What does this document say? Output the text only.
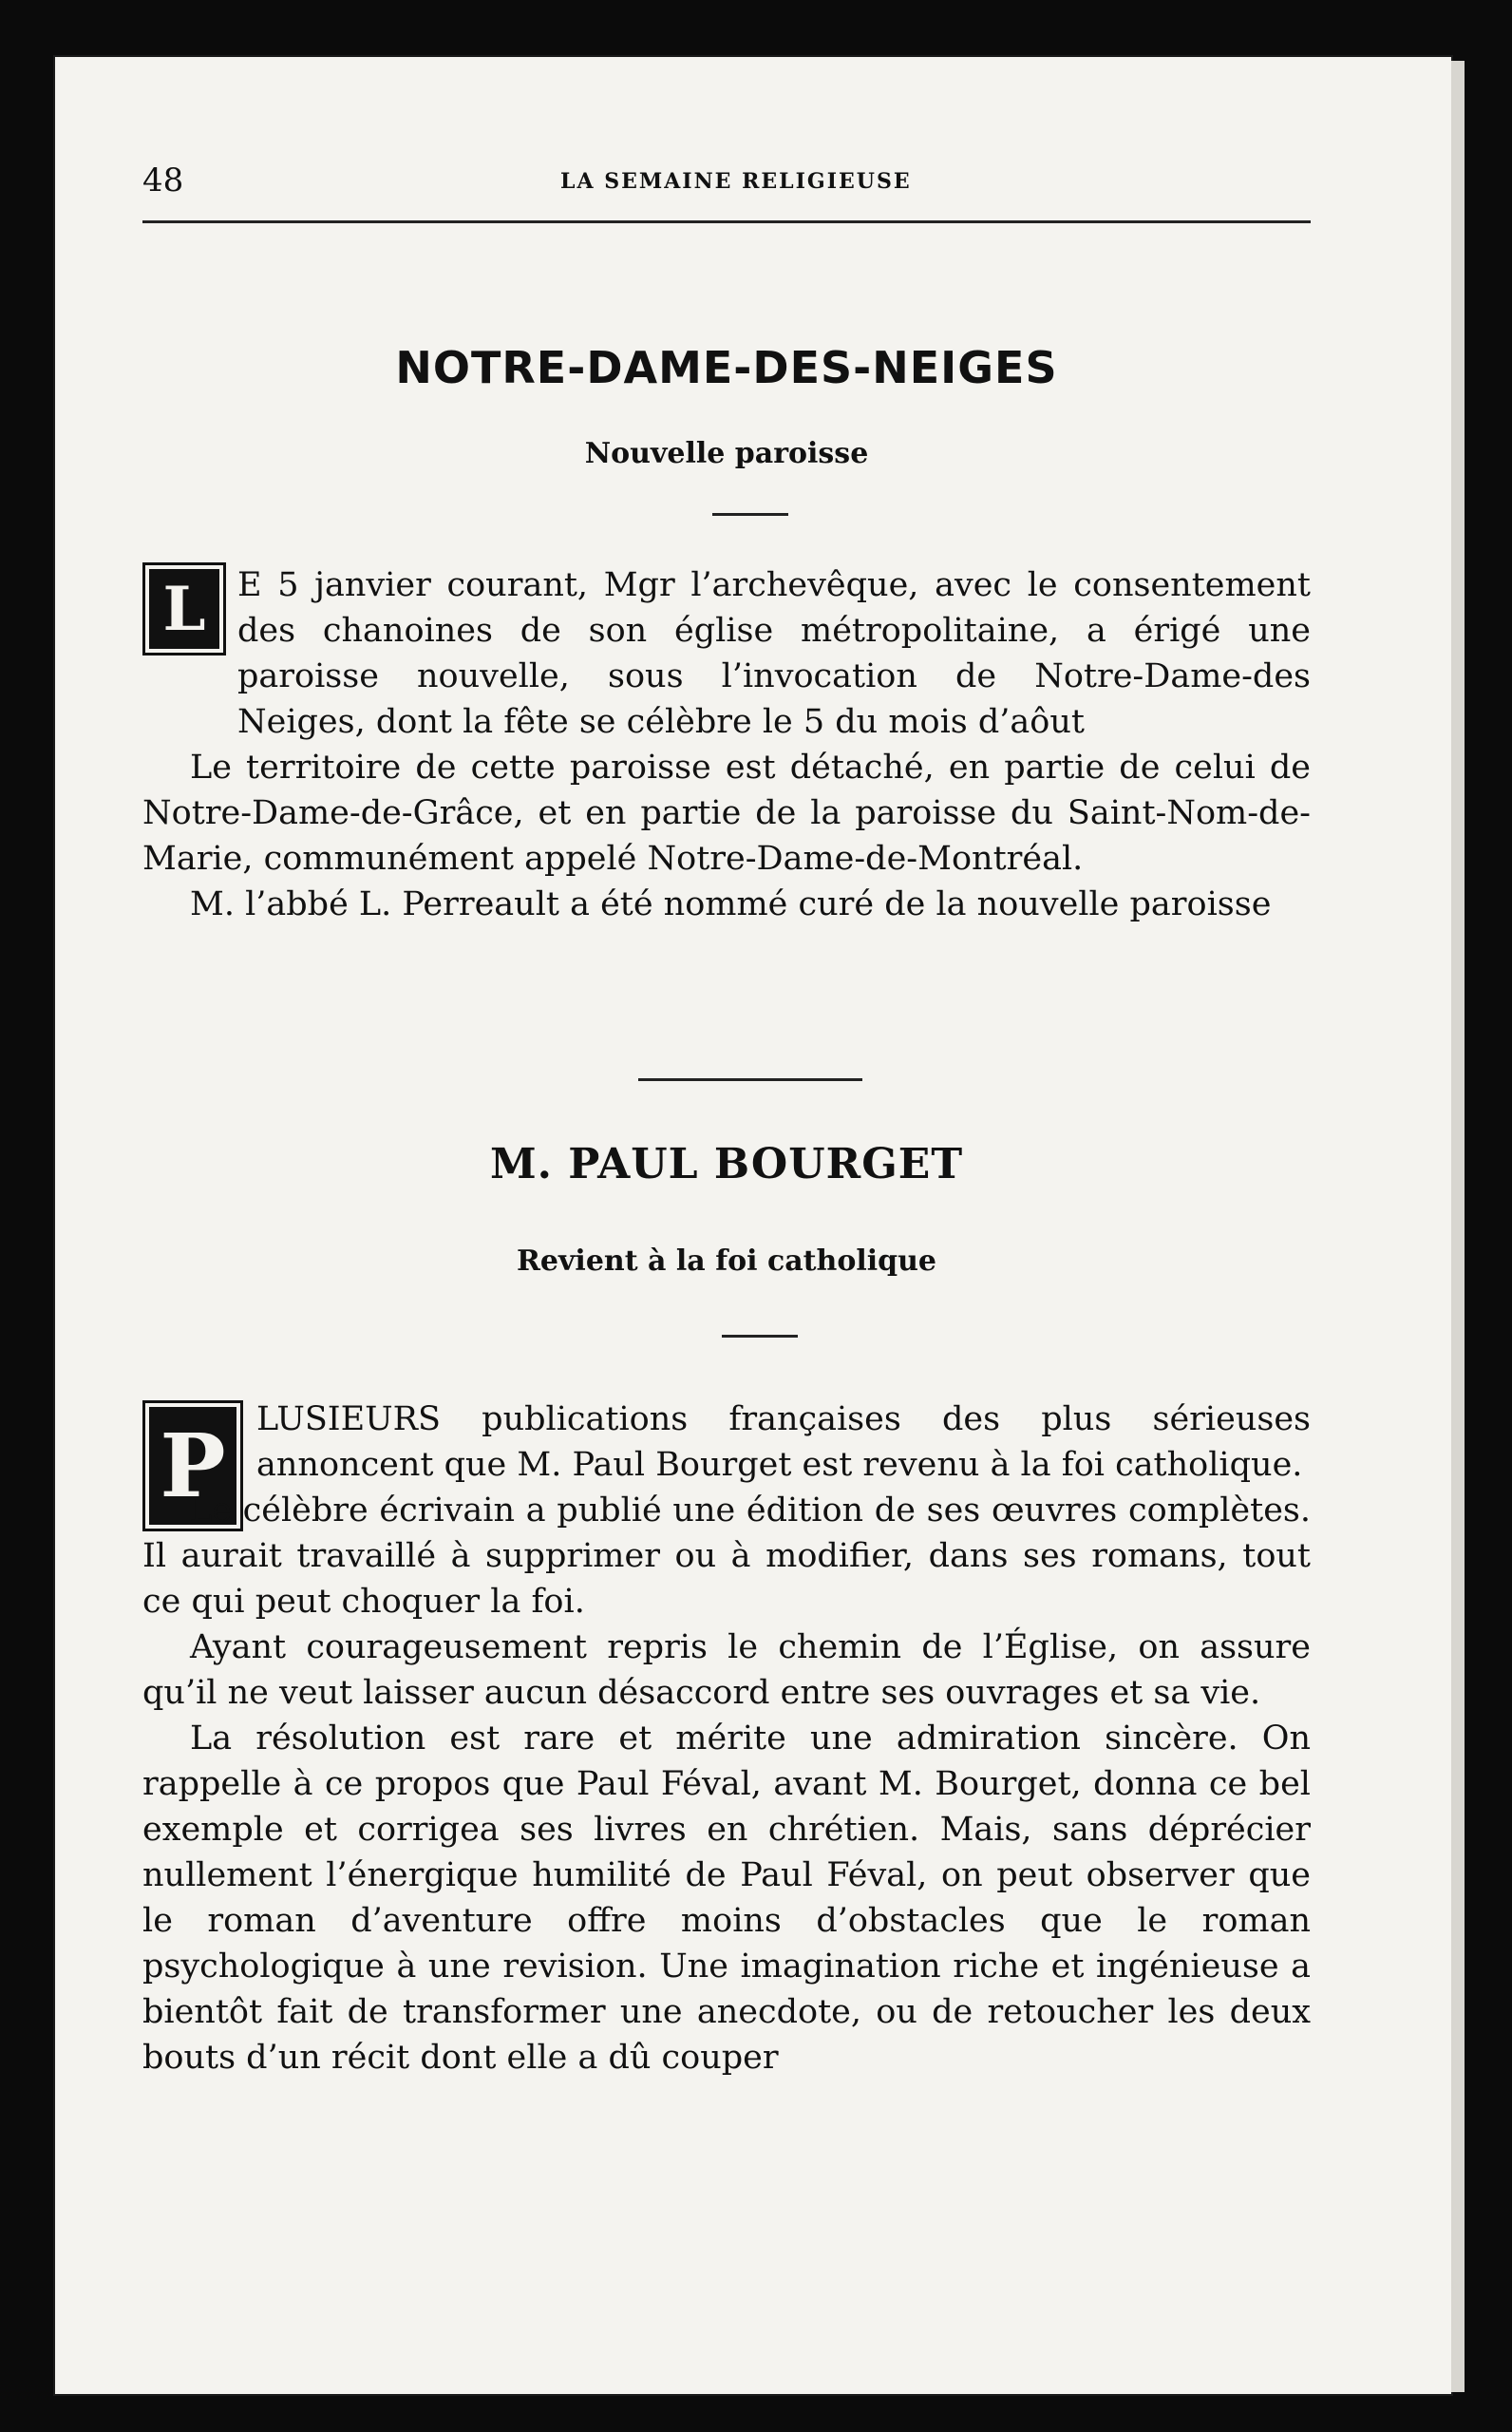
48	LA SEMAINE RELIGIEUSE
NOTRE-DAME-DES-NEIGES
Nouvelle paroisse
L E 5 janvier courant, Mgr l’archevêque, avec le consentement des chanoines de son église métropolitaine, a érigé une paroisse nouvelle, sous l’invocation de Notre-Dame-des Neiges, dont la fête se célèbre le 5 du mois d’aôut

Le territoire de cette paroisse est détaché, en partie de celui de Notre-Dame-de-Grâce, et en partie de la paroisse du Saint-Nom-de-Marie, communément appelé Notre-Dame-de-Montréal.

M. l’abbé L. Perreault a été nommé curé de la nouvelle paroisse

M. PAUL BOURGET
Revient à la foi catholique
P LUSIEURS publications françaises des plus sérieuses annoncent que M. Paul Bourget est revenu à la foi catholique.

Le célèbre écrivain a publié une édition de ses œuvres complètes. Il aurait travaillé à supprimer ou à modifier, dans ses romans, tout ce qui peut choquer la foi.

Ayant courageusement repris le chemin de l’Église, on assure qu’il ne veut laisser aucun désaccord entre ses ouvrages et sa vie.

La résolution est rare et mérite une admiration sincère. On rappelle à ce propos que Paul Féval, avant M. Bourget, donna ce bel exemple et corrigea ses livres en chrétien. Mais, sans déprécier nullement l’énergique humilité de Paul Féval, on peut observer que le roman d’aventure offre moins d’obstacles que le roman psychologique à une revision. Une imagination riche et ingénieuse a bientôt fait de transformer une anecdote, ou de retoucher les deux bouts d’un récit dont elle a dû couper
